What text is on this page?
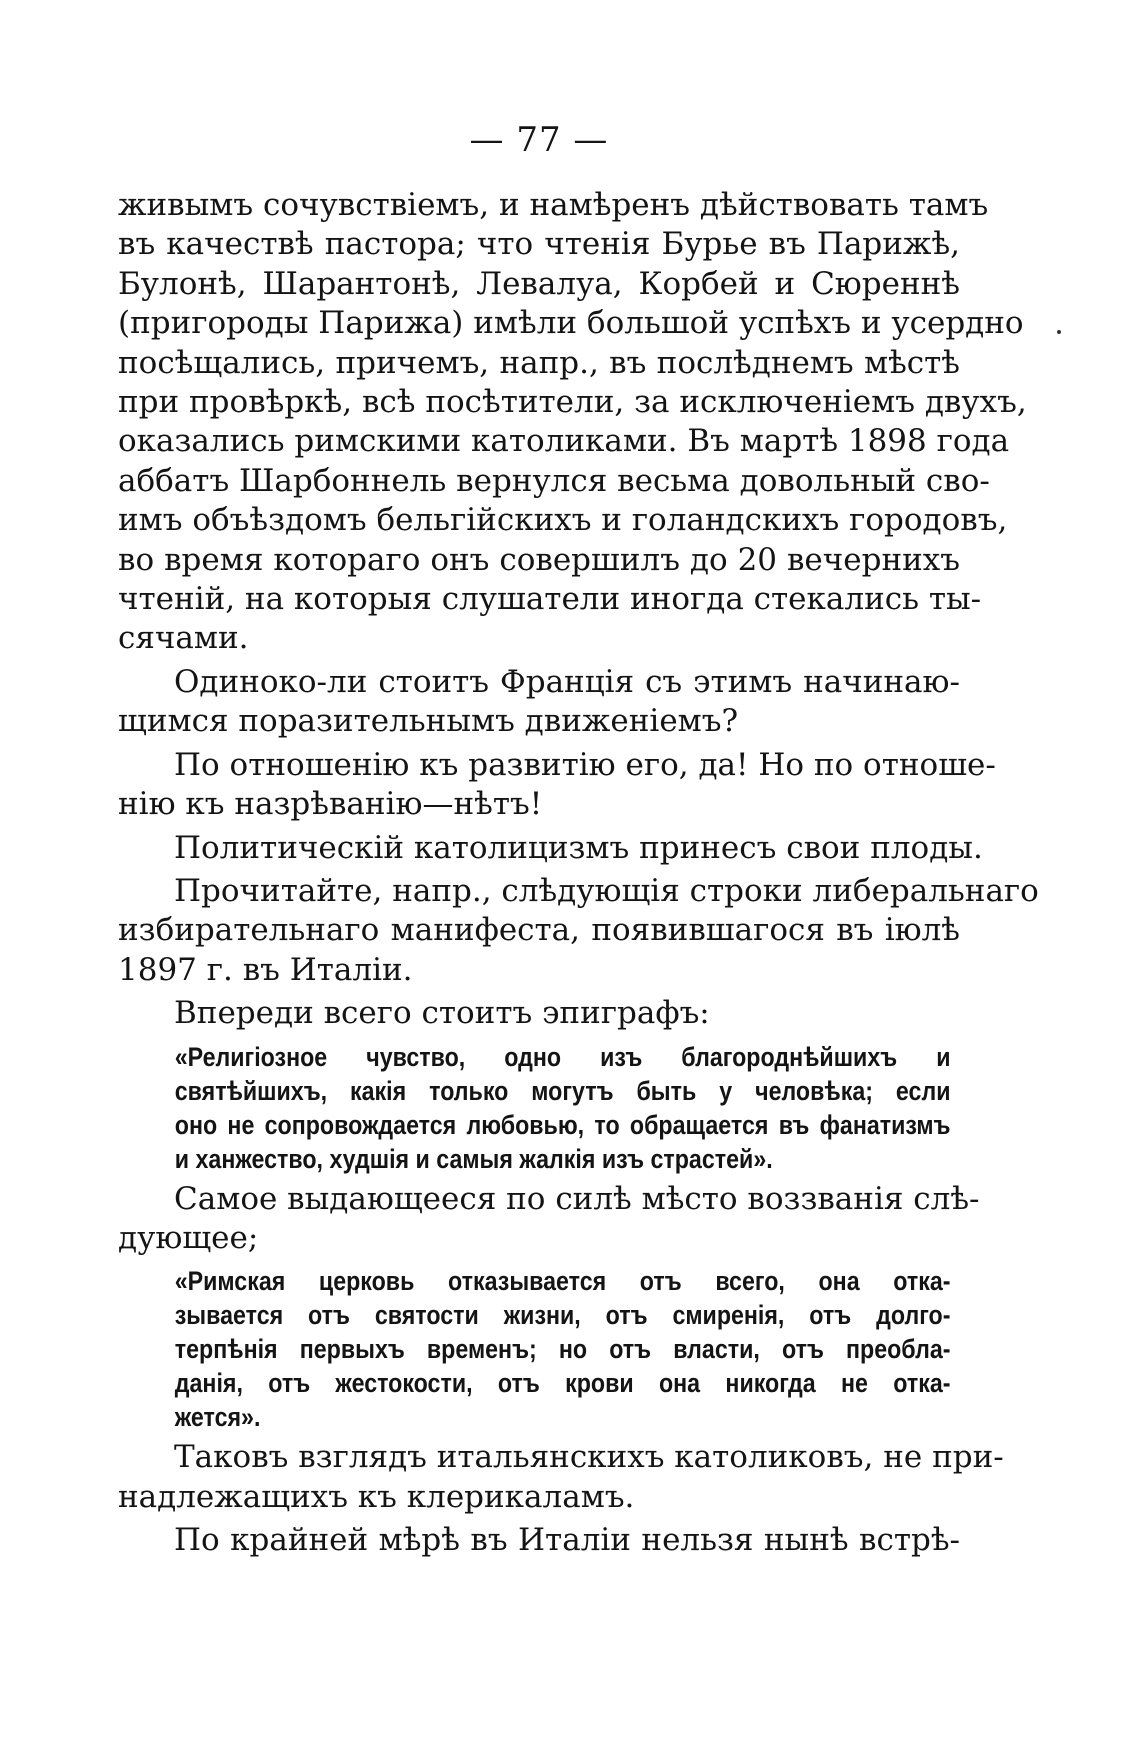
— 77 —
живымъ сочувствіемъ, и намѣренъ дѣйствовать тамъ
въ качествѣ пастора; что чтенія Бурье въ Парижѣ,
Булонѣ, Шарантонѣ, Левалуа, Корбей и Сюреннѣ
(пригороды Парижа) имѣли большой успѣхъ и усердно
посѣщались, причемъ, напр., въ послѣднемъ мѣстѣ
при провѣркѣ, всѣ посѣтители, за исключеніемъ двухъ,
оказались римскими католиками. Въ мартѣ 1898 года
аббатъ Шарбоннель вернулся весьма довольный сво-
имъ объѣздомъ бельгійскихъ и голандскихъ городовъ,
во время котораго онъ совершилъ до 20 вечернихъ
чтеній, на которыя слушатели иногда стекались ты-
сячами.
Одиноко-ли стоитъ Франція съ этимъ начинаю-
щимся поразительнымъ движеніемъ?
По отношенію къ развитію его, да! Но по отноше-
нію къ назрѣванію—нѣтъ!
Политическій католицизмъ принесъ свои плоды.
Прочитайте, напр., слѣдующія строки либеральнаго
избирательнаго манифеста, появившагося въ іюлѣ
1897 г. въ Италіи.
Впереди всего стоитъ эпиграфъ:
«Религіозное чувство, одно изъ благороднѣйшихъ и
святѣйшихъ, какія только могутъ быть у человѣка; если
оно не сопровождается любовью, то обращается въ фанатизмъ
и ханжество, худшія и самыя жалкія изъ страстей».
Самое выдающееся по силѣ мѣсто воззванія слѣ-
дующее;
«Римская церковь отказывается отъ всего, она отка-
зывается отъ святости жизни, отъ смиренія, отъ долго-
терпѣнія первыхъ временъ; но отъ власти, отъ преобла-
данія, отъ жестокости, отъ крови она никогда не отка-
жется».
Таковъ взглядъ итальянскихъ католиковъ, не при-
надлежащихъ къ клерикаламъ.
По крайней мѣрѣ въ Италіи нельзя нынѣ встрѣ-
